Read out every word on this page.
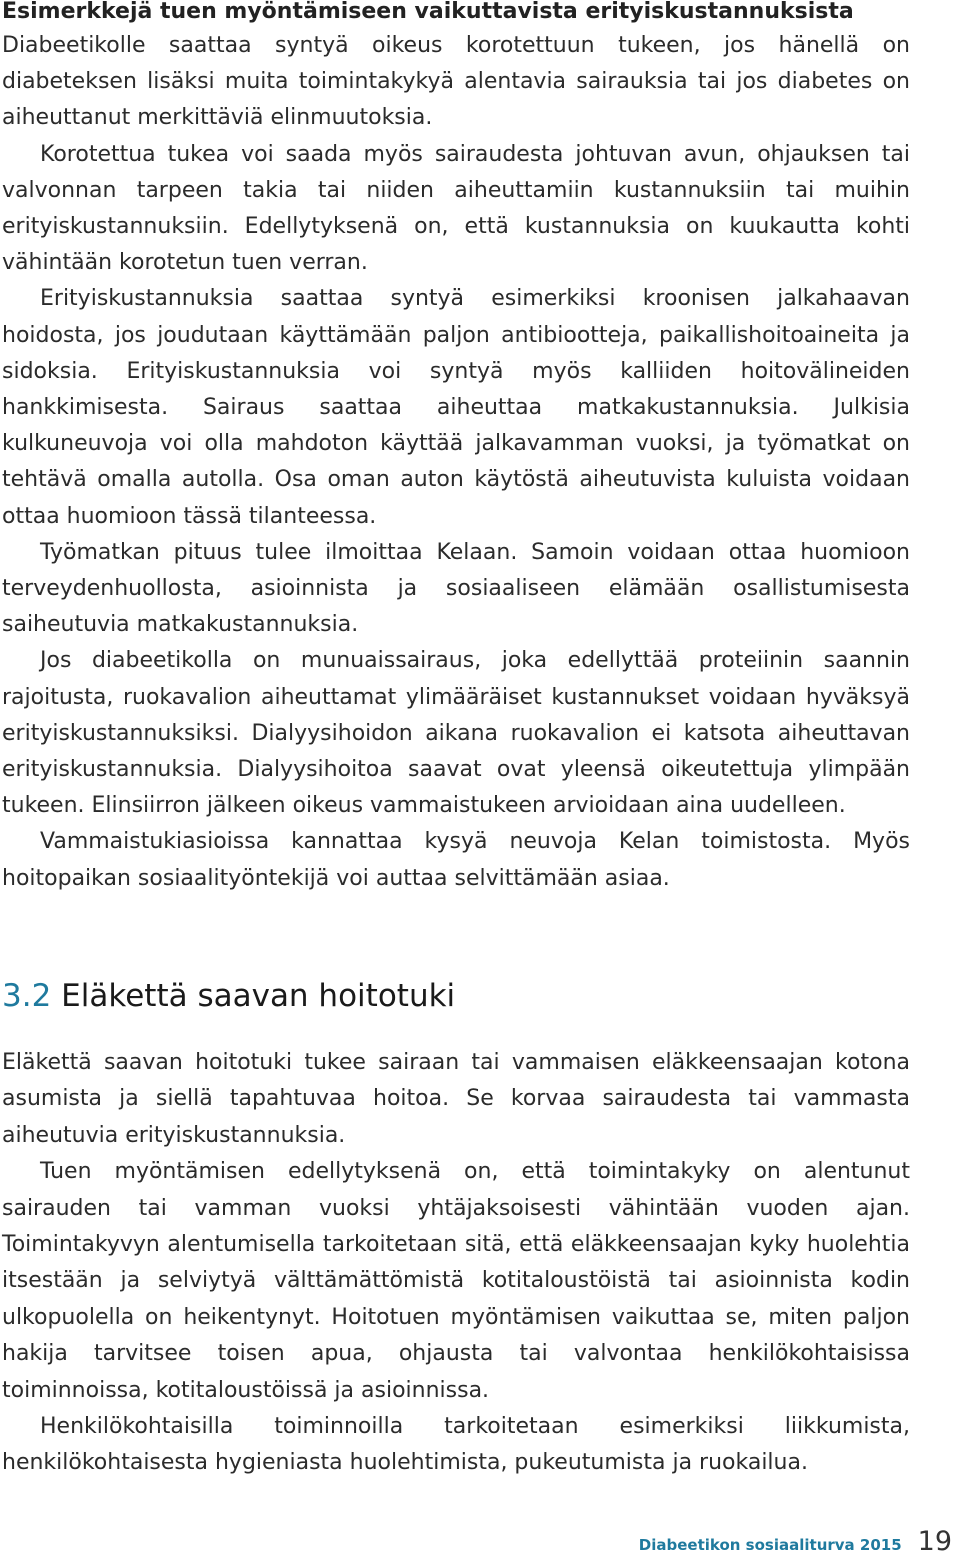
Esimerkkejä tuen myöntämiseen vaikuttavista erityiskustannuksista

Diabeetikolle saattaa syntyä oikeus korotettuun tukeen, jos hänellä on diabeteksen lisäksi muita toimintakykyä alentavia sairauksia tai jos diabetes on aiheuttanut merkittäviä elinmuutoksia.

Korotettua tukea voi saada myös sairaudesta johtuvan avun, ohjauksen tai valvonnan tarpeen takia tai niiden aiheuttamiin kustannuksiin tai muihin erityiskustannuksiin. Edellytyksenä on, että kustannuksia on kuukautta kohti vähintään korotetun tuen verran.

Erityiskustannuksia saattaa syntyä esimerkiksi kroonisen jalkahaavan hoidosta, jos joudutaan käyttämään paljon antibiootteja, paikallishoitoaineita ja sidoksia. Erityiskustannuksia voi syntyä myös kalliiden hoitovälineiden hankkimisesta. Sairaus saattaa aiheuttaa matkakustannuksia. Julkisia kulkuneuvoja voi olla mahdoton käyttää jalkavamman vuoksi, ja työmatkat on tehtävä omalla autolla. Osa oman auton käytöstä aiheutuvista kuluista voidaan ottaa huomioon tässä tilanteessa.

Työmatkan pituus tulee ilmoittaa Kelaan. Samoin voidaan ottaa huomioon terveydenhuollosta, asioinnista ja sosiaaliseen elämään osallistumisesta saiheutuvia matkakustannuksia.

Jos diabeetikolla on munuaissairaus, joka edellyttää proteiinin saannin rajoitusta, ruokavalion aiheuttamat ylimääräiset kustannukset voidaan hyväksyä erityiskustannuksiksi. Dialyysihoidon aikana ruokavalion ei katsota aiheuttavan erityiskustannuksia. Dialyysihoitoa saavat ovat yleensä oikeutettuja ylimpään tukeen. Elinsiirron jälkeen oikeus vammaistukeen arvioidaan aina uudelleen.

Vammaistukiasioissa kannattaa kysyä neuvoja Kelan toimistosta. Myös hoitopaikan sosiaalityöntekijä voi auttaa selvittämään asiaa.

3.2 Eläkettä saavan hoitotuki

Eläkettä saavan hoitotuki tukee sairaan tai vammaisen eläkkeensaajan kotona asumista ja siellä tapahtuvaa hoitoa. Se korvaa sairaudesta tai vammasta aiheutuvia erityiskustannuksia.

Tuen myöntämisen edellytyksenä on, että toimintakyky on alentunut sairauden tai vamman vuoksi yhtäjaksoisesti vähintään vuoden ajan. Toimintakyvyn alentumisella tarkoitetaan sitä, että eläkkeensaajan kyky huolehtia itsestään ja selviytyä välttämättömistä kotitaloustöistä tai asioinnista kodin ulkopuolella on heikentynyt. Hoitotuen myöntämisen vaikuttaa se, miten paljon hakija tarvitsee toisen apua, ohjausta tai valvontaa henkilökohtaisissa toiminnoissa, kotitaloustöissä ja asioinnissa.

Henkilökohtaisilla toiminnoilla tarkoitetaan esimerkiksi liikkumista, henkilökohtaisesta hygieniasta huolehtimista, pukeutumista ja ruokailua.

Diabeetikon sosiaaliturva 2015 19
